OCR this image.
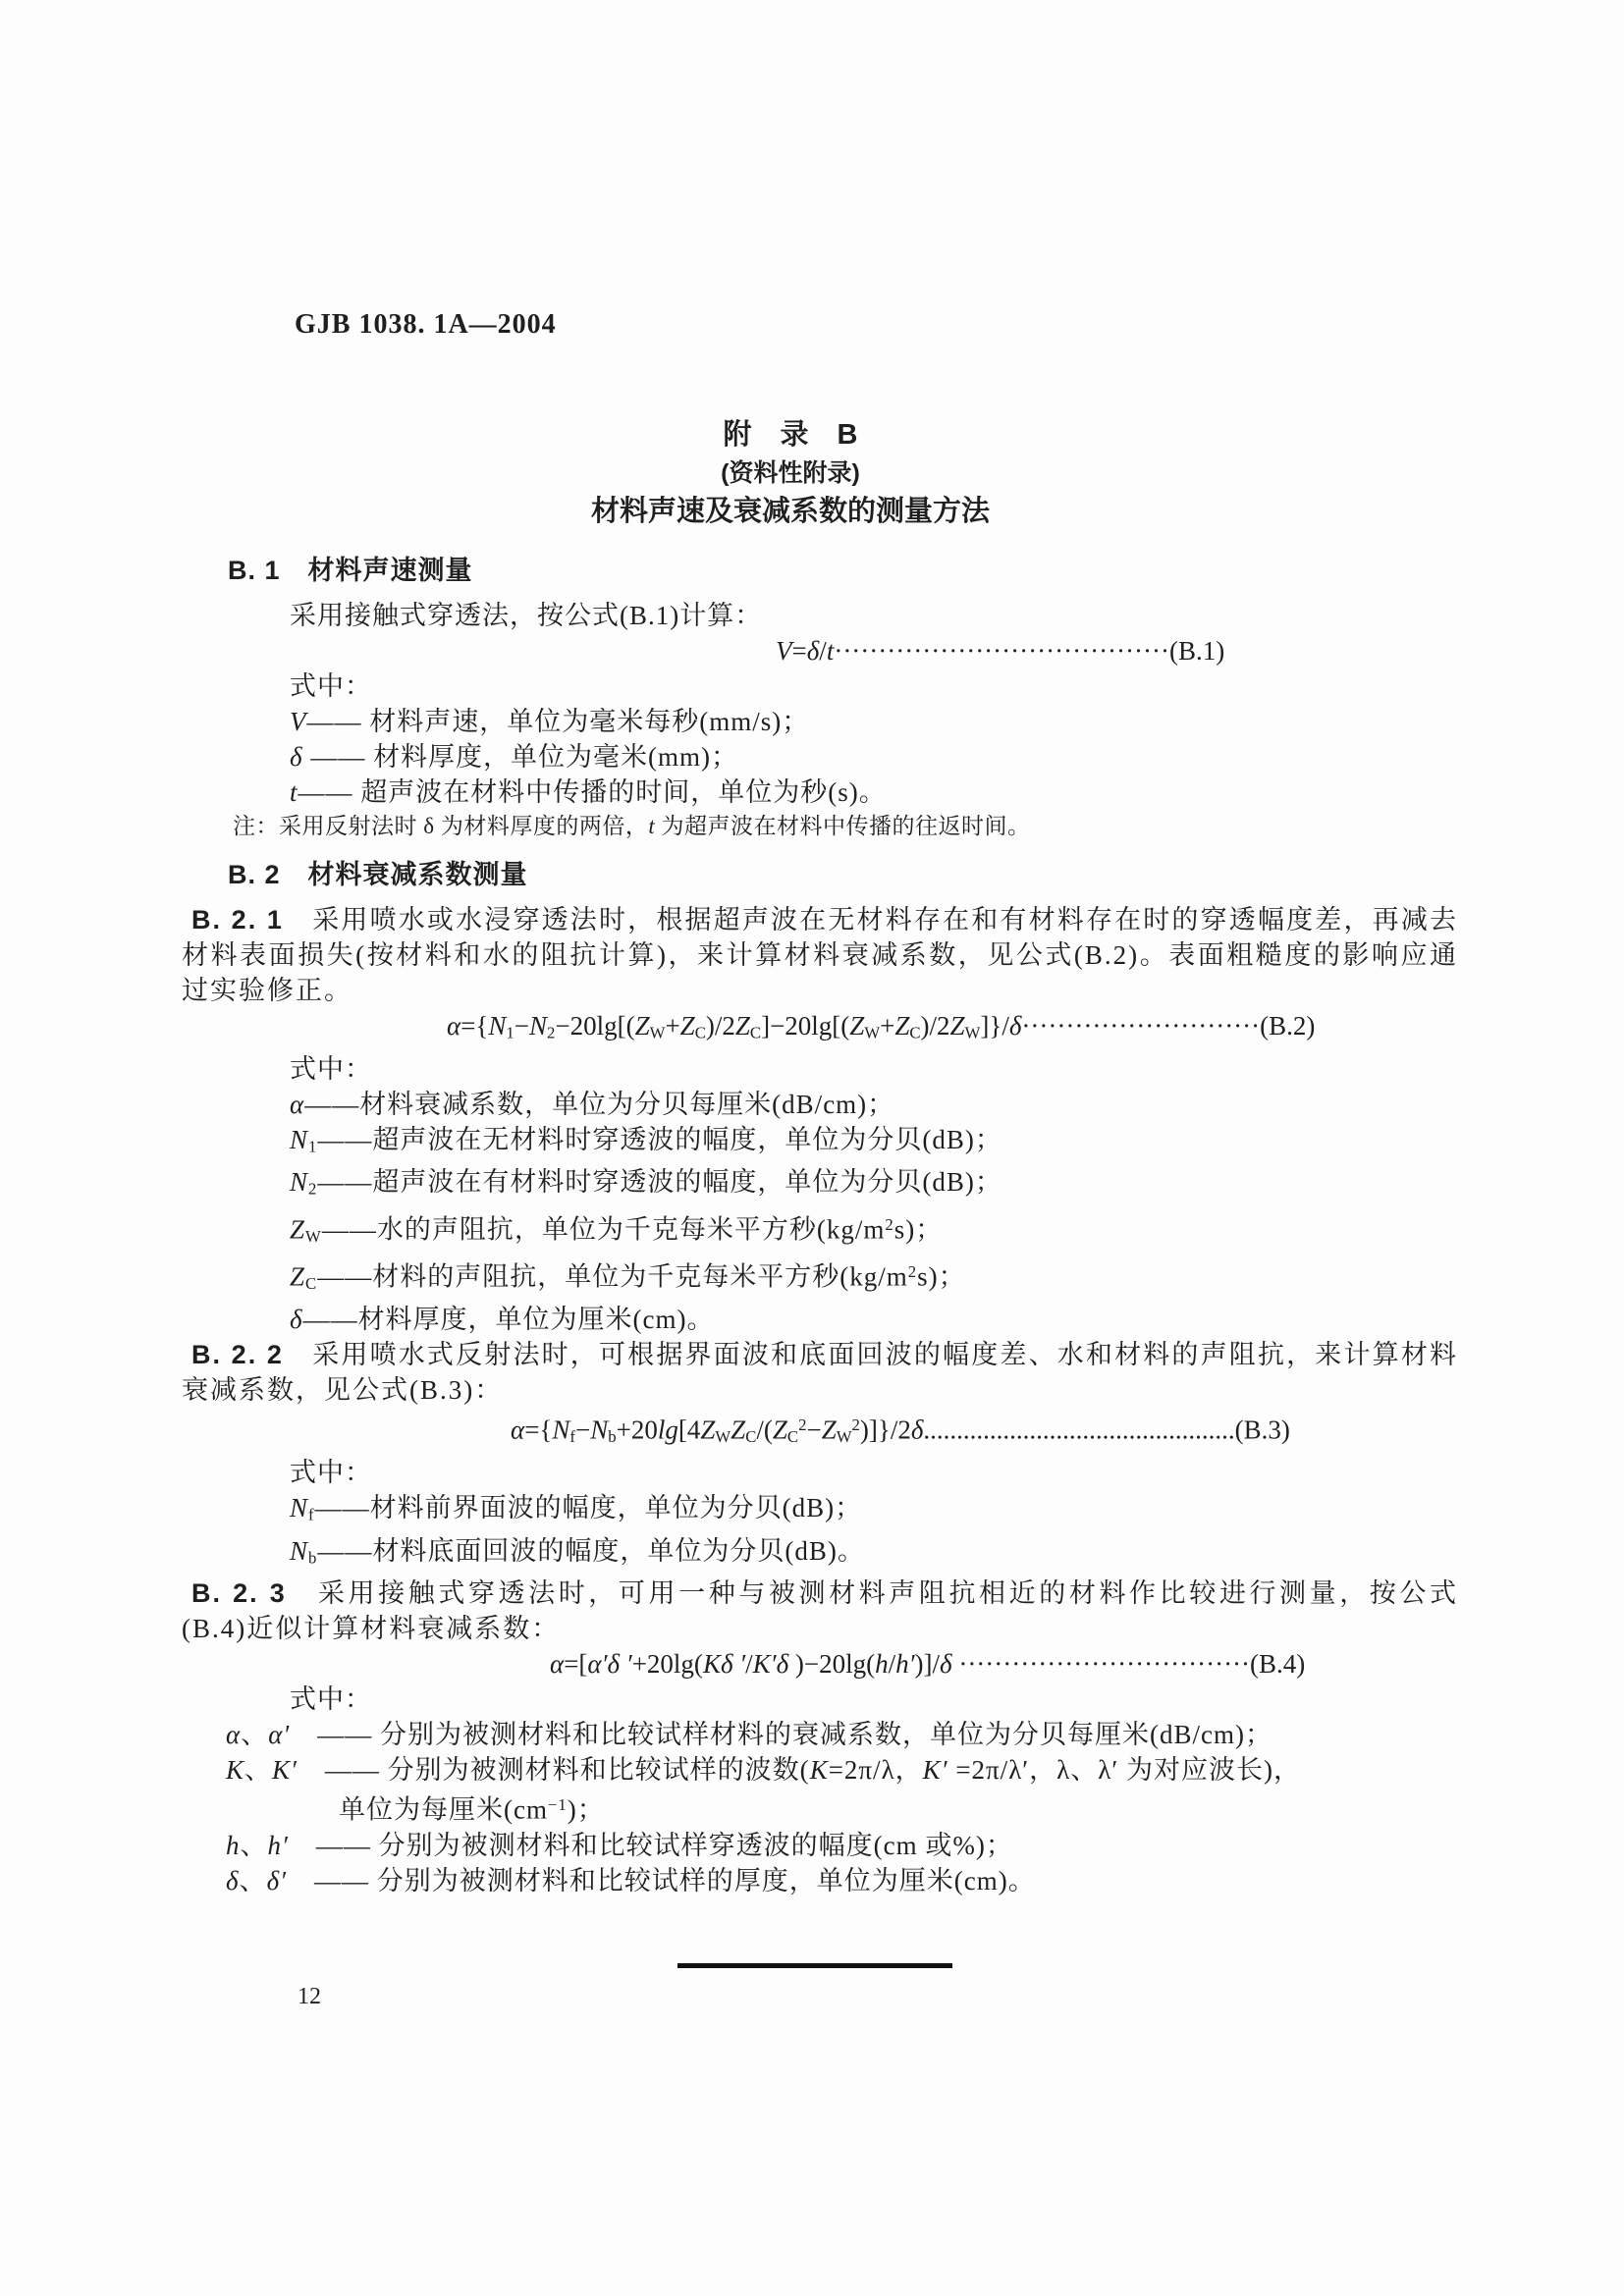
GJB 1038. 1A—2004
附　录　B
(资料性附录)
材料声速及衰减系数的测量方法
B. 1　材料声速测量
采用接触式穿透法，按公式(B.1)计算：
V=δ/t······································(B.1)
式中：
V—— 材料声速，单位为毫米每秒(mm/s)；
δ —— 材料厚度，单位为毫米(mm)；
t—— 超声波在材料中传播的时间，单位为秒(s)。
注：采用反射法时 δ 为材料厚度的两倍，t 为超声波在材料中传播的往返时间。
B. 2　材料衰减系数测量
B. 2. 1　采用喷水或水浸穿透法时，根据超声波在无材料存在和有材料存在时的穿透幅度差，再减去材料表面损失(按材料和水的阻抗计算)，来计算材料衰减系数，见公式(B.2)。表面粗糙度的影响应通过实验修正。
$\alpha=\{N_1-N_2-20\lg[(Z_W+Z_C)/2Z_C]-20\lg[(Z_W+Z_C)/2Z_W]\}/\delta\cdot\cdot\cdot\cdot\cdot\cdot\cdot\cdot\cdot\cdot\cdot\cdot\cdot\cdot\cdot\cdot\cdot\cdot\cdot\cdot\cdot\cdot\cdot\cdot\cdot\cdot\cdot(B.2)$
式中：
α——材料衰减系数，单位为分贝每厘米(dB/cm)；
$N_1——$超声波在无材料时穿透波的幅度，单位为分贝(dB)；
$N_2——$超声波在有材料时穿透波的幅度，单位为分贝(dB)；
$Z_W——$水的声阻抗，单位为千克每米平方秒$(kg/m^2s)$；
$Z_C——$材料的声阻抗，单位为千克每米平方秒$(kg/m^2s)$；
δ——材料厚度，单位为厘米(cm)。
B. 2. 2　采用喷水式反射法时，可根据界面波和底面回波的幅度差、水和材料的声阻抗，来计算材料衰减系数，见公式(B.3)：
$\alpha=\{N_f-N_b+20\lg[4Z_WZ_C/(Z_C^2-Z_W^2)]\}/2\delta...............................................(B.3)$
式中：
$N_f——$材料前界面波的幅度，单位为分贝(dB)；
$N_b——$材料底面回波的幅度，单位为分贝(dB)。
B. 2. 3　采用接触式穿透法时，可用一种与被测材料声阻抗相近的材料作比较进行测量，按公式(B.4)近似计算材料衰减系数：
α=[α′δ ′+20lg(Kδ ′/K′δ )−20lg(h/h′)]/δ ·································(B.4)
式中：
α、α′　—— 分别为被测材料和比较试样材料的衰减系数，单位为分贝每厘米(dB/cm)；
K、K′　—— 分别为被测材料和比较试样的波数(K=2π/λ，K′ =2π/λ′，λ、λ′ 为对应波长)，
单位为每厘米$(cm^{-1})$；
h、h′　—— 分别为被测材料和比较试样穿透波的幅度(cm 或%)；
δ、δ′　—— 分别为被测材料和比较试样的厚度，单位为厘米(cm)。
12
